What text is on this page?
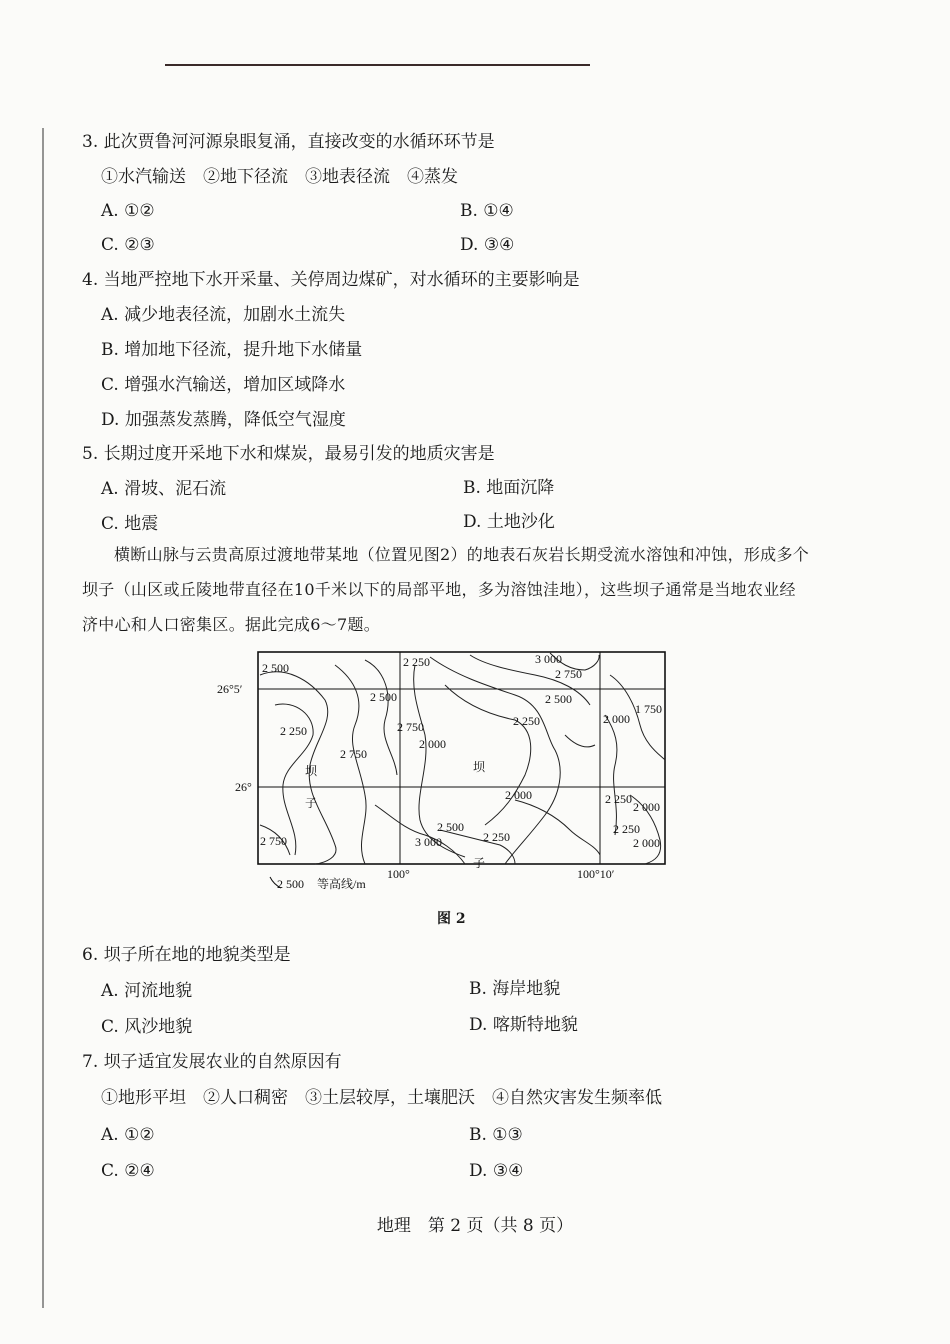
3. 此次贾鲁河河源泉眼复涌，直接改变的水循环环节是
①水汽输送　②地下径流　③地表径流　④蒸发
A. ①②	B. ①④
C. ②③	D. ③④
4. 当地严控地下水开采量、关停周边煤矿，对水循环的主要影响是
A. 减少地表径流，加剧水土流失
B. 增加地下径流，提升地下水储量
C. 增强水汽输送，增加区域降水
D. 加强蒸发蒸腾，降低空气湿度
5. 长期过度开采地下水和煤炭，最易引发的地质灾害是
A. 滑坡、泥石流	B. 地面沉降
C. 地震	D. 土地沙化
横断山脉与云贵高原过渡地带某地（位置见图2）的地表石灰岩长期受流水溶蚀和冲蚀，形成多个坝子（山区或丘陵地带直径在10千米以下的局部平地，多为溶蚀洼地），这些坝子通常是当地农业经济中心和人口密集区。据此完成6～7题。
2 500	2 250	3 000
2 750
2 500	2 500
2 750	2 250	2 000
1 750
2 250
2 750
2 000
2 000	2 250
2 000
2 500
2 250
2 250
2 750	3 000	2 000
坝
子
坝
子
26°5′
26°
100°	100°10′
2 500 等高线/m
图 2
6. 坝子所在地的地貌类型是
A. 河流地貌	B. 海岸地貌
C. 风沙地貌	D. 喀斯特地貌
7. 坝子适宜发展农业的自然原因有
①地形平坦　②人口稠密　③土层较厚，土壤肥沃　④自然灾害发生频率低
A. ①②	B. ①③
C. ②④	D. ③④
地理　第 2 页（共 8 页）
